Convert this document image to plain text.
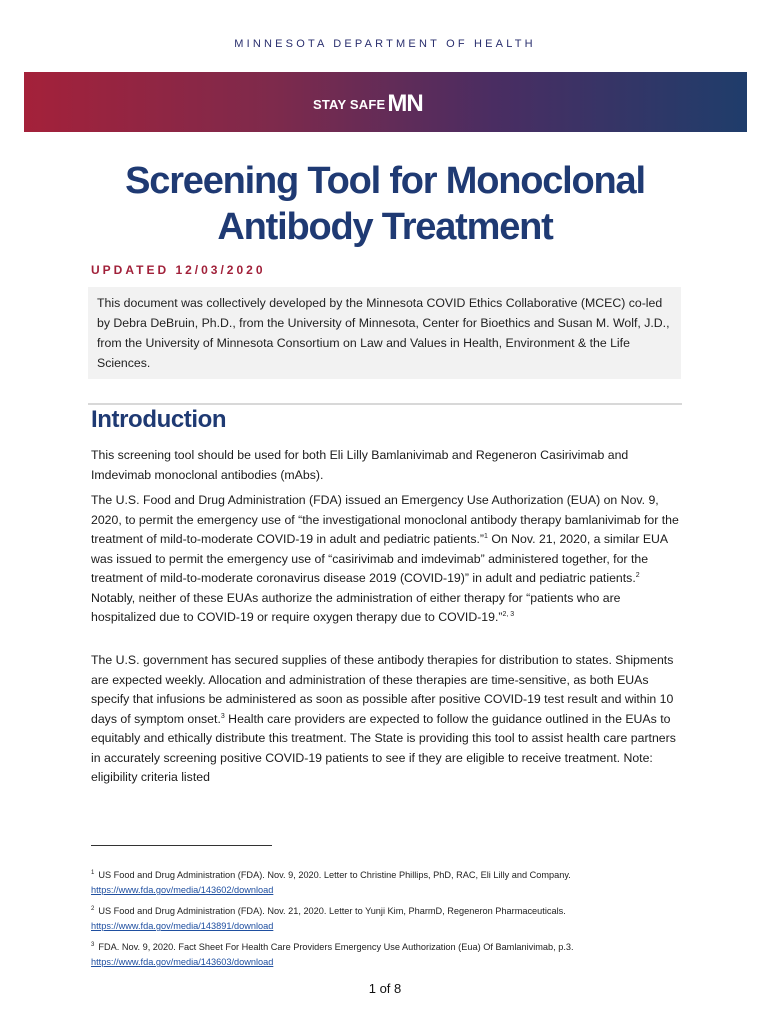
MINNESOTA DEPARTMENT OF HEALTH
STAY SAFE MN
Screening Tool for Monoclonal
Antibody Treatment
UPDATED 12/03/2020
This document was collectively developed by the Minnesota COVID Ethics Collaborative (MCEC) co-led by Debra DeBruin, Ph.D., from the University of Minnesota, Center for Bioethics and Susan M. Wolf, J.D., from the University of Minnesota Consortium on Law and Values in Health, Environment & the Life Sciences.
Introduction

This screening tool should be used for both Eli Lilly Bamlanivimab and Regeneron Casirivimab and Imdevimab monoclonal antibodies (mAbs).

The U.S. Food and Drug Administration (FDA) issued an Emergency Use Authorization (EUA) on Nov. 9, 2020, to permit the emergency use of “the investigational monoclonal antibody therapy bamlanivimab for the treatment of mild-to-moderate COVID-19 in adult and pediatric patients.”$^1$ On Nov. 21, 2020, a similar EUA was issued to permit the emergency use of “casirivimab and imdevimab” administered together, for the treatment of mild-to-moderate coronavirus disease 2019 (COVID-19)” in adult and pediatric patients.$^2$ Notably, neither of these EUAs authorize the administration of either therapy for “patients who are hospitalized due to COVID-19 or require oxygen therapy due to COVID-19.”$^{2, 3}$

The U.S. government has secured supplies of these antibody therapies for distribution to states. Shipments are expected weekly. Allocation and administration of these therapies are time-sensitive, as both EUAs specify that infusions be administered as soon as possible after positive COVID-19 test result and within 10 days of symptom onset.$^3$ Health care providers are expected to follow the guidance outlined in the EUAs to equitably and ethically distribute this treatment. The State is providing this tool to assist health care partners in accurately screening positive COVID-19 patients to see if they are eligible to receive treatment. Note: eligibility criteria listed

$^1$ US Food and Drug Administration (FDA). Nov. 9, 2020. Letter to Christine Phillips, PhD, RAC, Eli Lilly and Company.
https://www.fda.gov/media/143602/download
$^2$ US Food and Drug Administration (FDA). Nov. 21, 2020. Letter to Yunji Kim, PharmD, Regeneron Pharmaceuticals.
https://www.fda.gov/media/143891/download
$^3$ FDA. Nov. 9, 2020. Fact Sheet For Health Care Providers Emergency Use Authorization (Eua) Of Bamlanivimab, p.3.
https://www.fda.gov/media/143603/download
1 of 8
